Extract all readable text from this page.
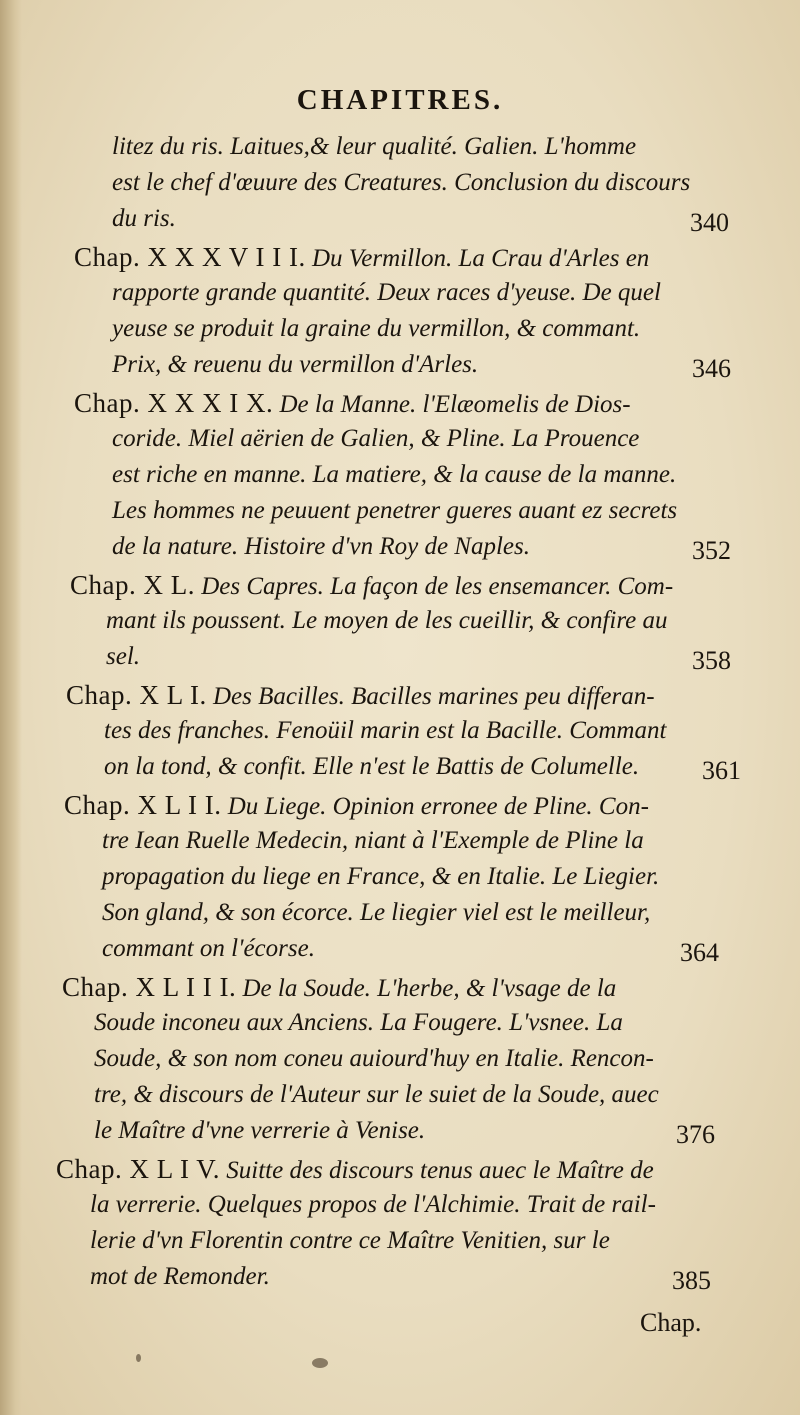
CHAPITRES.
litez du ris. Laitues,& leur qualité. Galien. L'homme
est le chef d'œuure des Creatures. Conclusion du discours
du ris.	340
Chap. X X X V I I I. Du Vermillon. La Crau d'Arles en
rapporte grande quantité. Deux races d'yeuse. De quel
yeuse se produit la graine du vermillon, & commant.
Prix, & reuenu du vermillon d'Arles.	346
Chap. X X X I X. De la Manne. l'Elæomelis de Dios-
coride. Miel aërien de Galien, & Pline. La Prouence
est riche en manne. La matiere, & la cause de la manne.
Les hommes ne peuuent penetrer gueres auant ez secrets
de la nature. Histoire d'vn Roy de Naples.	352
Chap. X L. Des Capres. La façon de les ensemancer. Com-
mant ils poussent. Le moyen de les cueillir, & confire au
sel.	358
Chap. X L I. Des Bacilles. Bacilles marines peu differan-
tes des franches. Fenoüil marin est la Bacille. Commant
on la tond, & confit. Elle n'est le Battis de Columelle. 361
Chap. X L I I. Du Liege. Opinion erronee de Pline. Con-
tre Iean Ruelle Medecin, niant à l'Exemple de Pline la
propagation du liege en France, & en Italie. Le Liegier.
Son gland, & son écorce. Le liegier viel est le meilleur,
commant on l'écorse.	364
Chap. X L I I I. De la Soude. L'herbe, & l'vsage de la
Soude inconeu aux Anciens. La Fougere. L'vsnee. La
Soude, & son nom coneu auiourd'huy en Italie. Rencon-
tre, & discours de l'Auteur sur le suiet de la Soude, auec
le Maître d'vne verrerie à Venise.	376
Chap. X L I V. Suitte des discours tenus auec le Maître de
la verrerie. Quelques propos de l'Alchimie. Trait de rail-
lerie d'vn Florentin contre ce Maître Venitien, sur le
mot de Remonder.	385
Chap.
